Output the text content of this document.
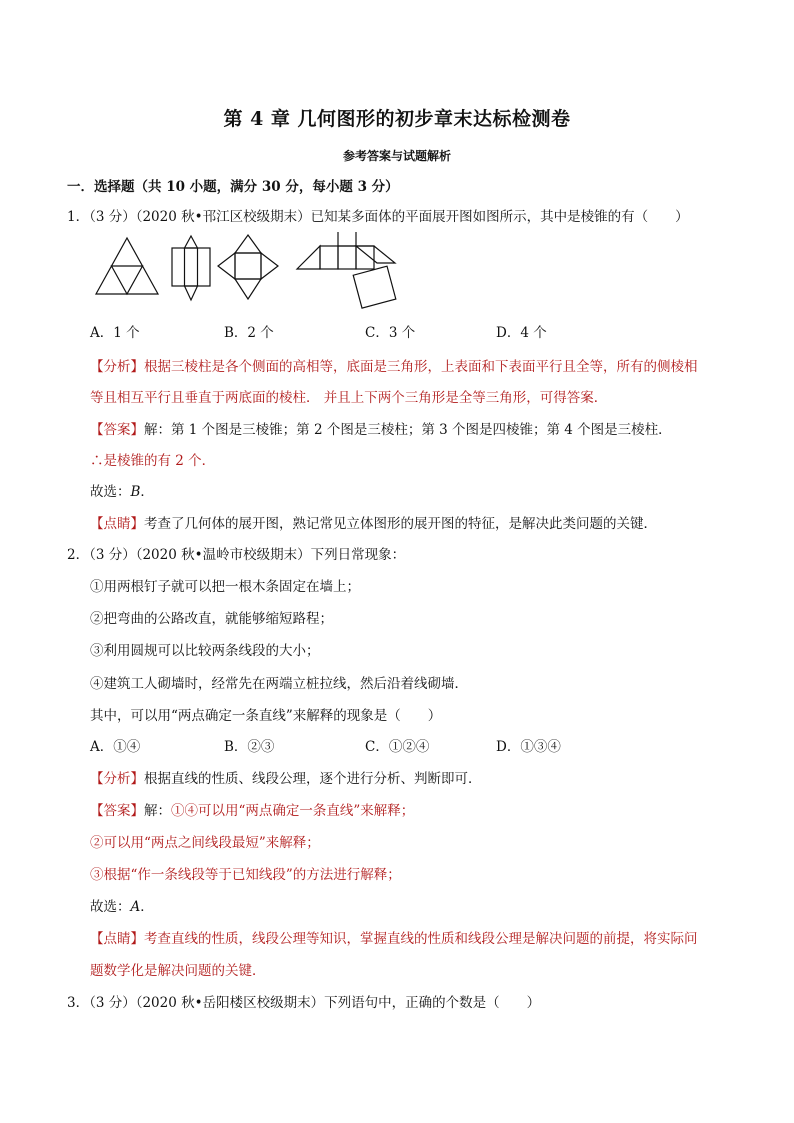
第 4 章 几何图形的初步章末达标检测卷
参考答案与试题解析
一．选择题（共 10 小题，满分 30 分，每小题 3 分）
1．（3 分）（2020 秋•邗江区校级期末）已知某多面体的平面展开图如图所示，其中是棱锥的有（　　）
A．1 个	B．2 个	C．3 个	D．4 个
【分析】根据三棱柱是各个侧面的高相等，底面是三角形，上表面和下表面平行且全等，所有的侧棱相
等且相互平行且垂直于两底面的棱柱． 并且上下两个三角形是全等三角形，可得答案．
【答案】解：第 1 个图是三棱锥；第 2 个图是三棱柱；第 3 个图是四棱锥；第 4 个图是三棱柱．
∴是棱锥的有 2 个．
故选：B．
【点睛】考查了几何体的展开图，熟记常见立体图形的展开图的特征，是解决此类问题的关键．
2．（3 分）（2020 秋•温岭市校级期末）下列日常现象：
①用两根钉子就可以把一根木条固定在墙上；
②把弯曲的公路改直，就能够缩短路程；
③利用圆规可以比较两条线段的大小；
④建筑工人砌墙时，经常先在两端立桩拉线，然后沿着线砌墙．
其中，可以用“两点确定一条直线”来解释的现象是（　　）
A．①④	B．②③	C．①②④	D．①③④
【分析】根据直线的性质、线段公理，逐个进行分析、判断即可．
【答案】解：①④可以用“两点确定一条直线”来解释；
②可以用“两点之间线段最短”来解释；
③根据“作一条线段等于已知线段”的方法进行解释；
故选：A．
【点睛】考查直线的性质，线段公理等知识，掌握直线的性质和线段公理是解决问题的前提，将实际问
题数学化是解决问题的关键．
3．（3 分）（2020 秋•岳阳楼区校级期末）下列语句中，正确的个数是（　　）
